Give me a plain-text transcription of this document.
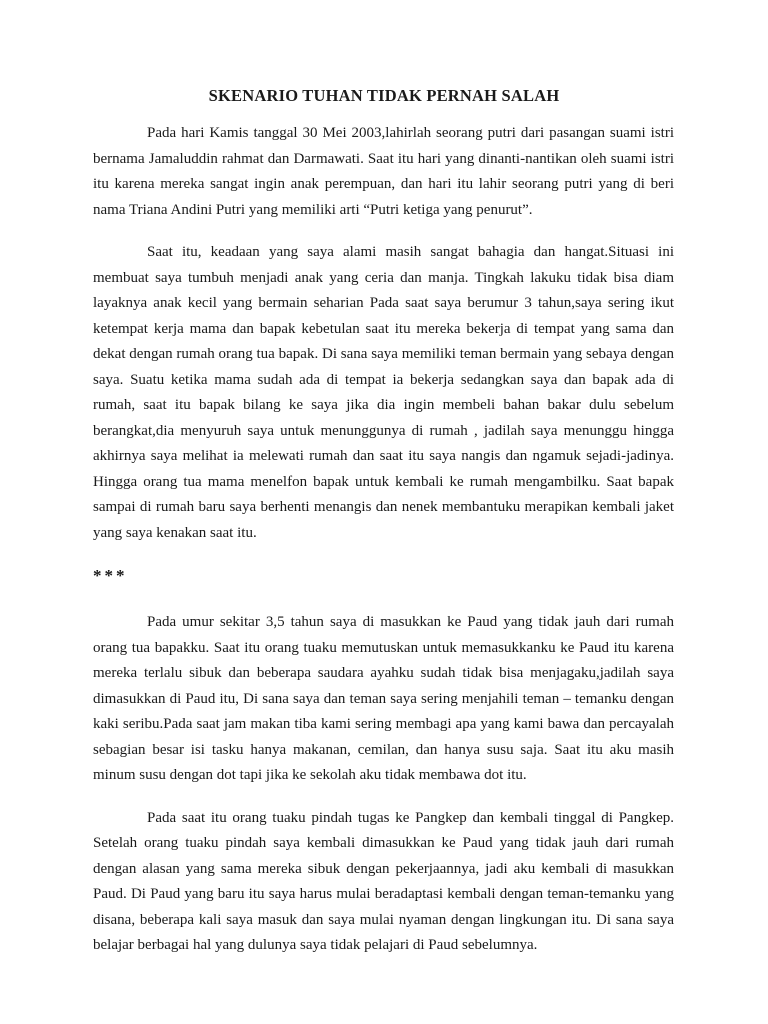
SKENARIO TUHAN TIDAK PERNAH SALAH

Pada hari Kamis tanggal 30 Mei 2003,lahirlah seorang putri dari pasangan suami istri bernama Jamaluddin rahmat dan Darmawati. Saat itu hari yang dinanti-nantikan oleh suami istri itu karena mereka sangat ingin anak perempuan, dan hari itu lahir seorang putri yang di beri nama Triana Andini Putri yang memiliki arti “Putri ketiga yang penurut”.

Saat itu, keadaan yang saya alami masih sangat bahagia dan hangat.Situasi ini membuat saya tumbuh menjadi anak yang ceria dan manja. Tingkah lakuku tidak bisa diam layaknya anak kecil yang bermain seharian Pada saat saya berumur 3 tahun,saya sering ikut ketempat kerja mama dan bapak kebetulan saat itu mereka bekerja di tempat yang sama dan dekat dengan rumah orang tua bapak. Di sana saya memiliki teman bermain yang sebaya dengan saya. Suatu ketika mama sudah ada di tempat ia bekerja sedangkan saya dan bapak ada di rumah, saat itu bapak bilang ke saya jika dia ingin membeli bahan bakar dulu sebelum berangkat,dia menyuruh saya untuk menunggunya di rumah , jadilah saya menunggu hingga akhirnya saya melihat ia melewati rumah dan saat itu saya nangis dan ngamuk sejadi-jadinya. Hingga orang tua mama menelfon bapak untuk kembali ke rumah mengambilku. Saat bapak sampai di rumah baru saya berhenti menangis dan nenek membantuku merapikan kembali jaket yang saya kenakan saat itu.

***

Pada umur sekitar 3,5 tahun saya di masukkan ke Paud yang tidak jauh dari rumah orang tua bapakku. Saat itu orang tuaku memutuskan untuk memasukkanku ke Paud itu karena mereka terlalu sibuk dan beberapa saudara ayahku sudah tidak bisa menjagaku,jadilah saya dimasukkan di Paud itu, Di sana saya dan teman saya sering menjahili teman – temanku dengan kaki seribu.Pada saat jam makan tiba kami sering membagi apa yang kami bawa dan percayalah sebagian besar isi tasku hanya makanan, cemilan, dan hanya susu saja. Saat itu aku masih minum susu dengan dot tapi jika ke sekolah aku tidak membawa dot itu.

Pada saat itu orang tuaku pindah tugas ke Pangkep dan kembali tinggal di Pangkep. Setelah orang tuaku pindah saya kembali dimasukkan ke Paud yang tidak jauh dari rumah dengan alasan yang sama mereka sibuk dengan pekerjaannya, jadi aku kembali di masukkan Paud. Di Paud yang baru itu saya harus mulai beradaptasi kembali dengan teman-temanku yang disana, beberapa kali saya masuk dan saya mulai nyaman dengan lingkungan itu. Di sana saya belajar berbagai hal yang dulunya saya tidak pelajari di Paud sebelumnya.
